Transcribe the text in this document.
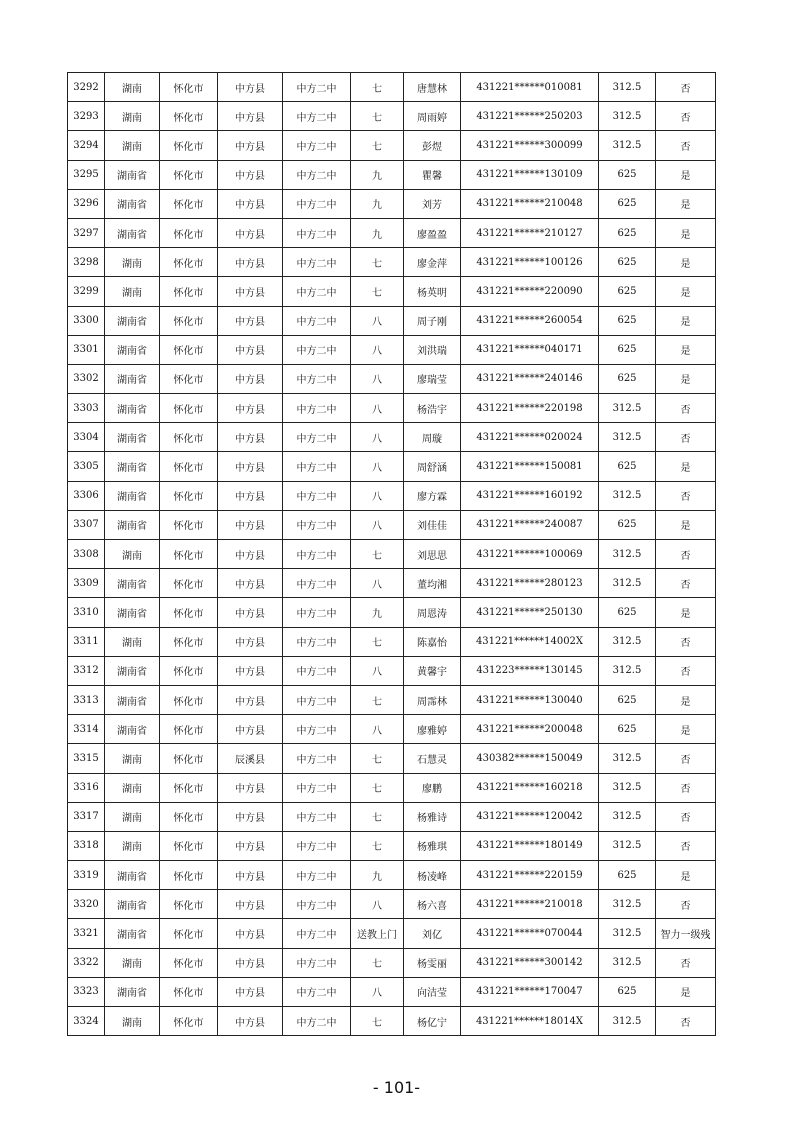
3292	湖南	怀化市	中方县	中方二中	七	唐慧林	431221******010081	312.5	否
3293	湖南	怀化市	中方县	中方二中	七	周雨婷	431221******250203	312.5	否
3294	湖南	怀化市	中方县	中方二中	七	彭煜	431221******300099	312.5	否
3295	湖南省	怀化市	中方县	中方二中	九	瞿馨	431221******130109	625	是
3296	湖南省	怀化市	中方县	中方二中	九	刘芳	431221******210048	625	是
3297	湖南省	怀化市	中方县	中方二中	九	廖盈盈	431221******210127	625	是
3298	湖南	怀化市	中方县	中方二中	七	廖金萍	431221******100126	625	是
3299	湖南	怀化市	中方县	中方二中	七	杨英明	431221******220090	625	是
3300	湖南省	怀化市	中方县	中方二中	八	周子刚	431221******260054	625	是
3301	湖南省	怀化市	中方县	中方二中	八	刘洪瑞	431221******040171	625	是
3302	湖南省	怀化市	中方县	中方二中	八	廖瑞莹	431221******240146	625	是
3303	湖南省	怀化市	中方县	中方二中	八	杨浩宇	431221******220198	312.5	否
3304	湖南省	怀化市	中方县	中方二中	八	周璇	431221******020024	312.5	否
3305	湖南省	怀化市	中方县	中方二中	八	周舒涵	431221******150081	625	是
3306	湖南省	怀化市	中方县	中方二中	八	廖方霖	431221******160192	312.5	否
3307	湖南省	怀化市	中方县	中方二中	八	刘佳佳	431221******240087	625	是
3308	湖南	怀化市	中方县	中方二中	七	刘思思	431221******100069	312.5	否
3309	湖南省	怀化市	中方县	中方二中	八	董均湘	431221******280123	312.5	否
3310	湖南省	怀化市	中方县	中方二中	九	周恩涛	431221******250130	625	是
3311	湖南	怀化市	中方县	中方二中	七	陈嘉怡	431221******14002X	312.5	否
3312	湖南省	怀化市	中方县	中方二中	八	黄馨宇	431223******130145	312.5	否
3313	湖南省	怀化市	中方县	中方二中	七	周霈林	431221******130040	625	是
3314	湖南省	怀化市	中方县	中方二中	八	廖雅婷	431221******200048	625	是
3315	湖南	怀化市	辰溪县	中方二中	七	石慧灵	430382******150049	312.5	否
3316	湖南	怀化市	中方县	中方二中	七	廖鹏	431221******160218	312.5	否
3317	湖南	怀化市	中方县	中方二中	七	杨雅诗	431221******120042	312.5	否
3318	湖南	怀化市	中方县	中方二中	七	杨雅琪	431221******180149	312.5	否
3319	湖南省	怀化市	中方县	中方二中	九	杨凌峰	431221******220159	625	是
3320	湖南省	怀化市	中方县	中方二中	八	杨六喜	431221******210018	312.5	否
3321	湖南省	怀化市	中方县	中方二中	送教上门	刘亿	431221******070044	312.5	智力一级残
3322	湖南	怀化市	中方县	中方二中	七	杨雯丽	431221******300142	312.5	否
3323	湖南省	怀化市	中方县	中方二中	八	向洁莹	431221******170047	625	是
3324	湖南	怀化市	中方县	中方二中	七	杨亿宁	431221******18014X	312.5	否
- 101-
